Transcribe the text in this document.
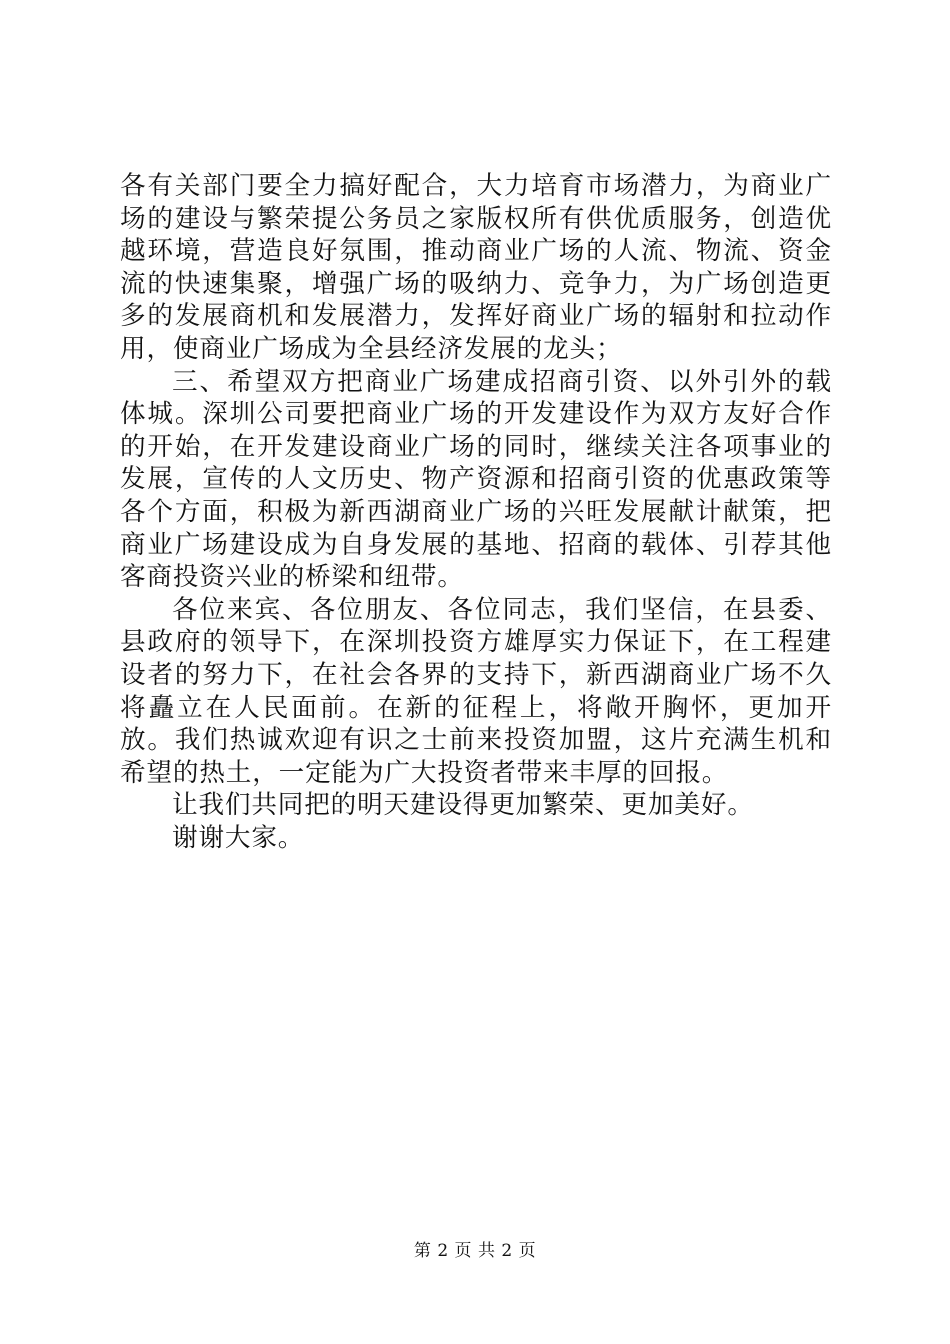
各有关部门要全力搞好配合，大力培育市场潜力，为商业广场的建设与繁荣提公务员之家版权所有供优质服务，创造优越环境，营造良好氛围，推动商业广场的人流、物流、资金流的快速集聚，增强广场的吸纳力、竞争力，为广场创造更多的发展商机和发展潜力，发挥好商业广场的辐射和拉动作用，使商业广场成为全县经济发展的龙头；

三、希望双方把商业广场建成招商引资、以外引外的载体城。深圳公司要把商业广场的开发建设作为双方友好合作的开始，在开发建设商业广场的同时，继续关注各项事业的发展，宣传的人文历史、物产资源和招商引资的优惠政策等各个方面，积极为新西湖商业广场的兴旺发展献计献策，把商业广场建设成为自身发展的基地、招商的载体、引荐其他客商投资兴业的桥梁和纽带。

各位来宾、各位朋友、各位同志，我们坚信，在县委、县政府的领导下，在深圳投资方雄厚实力保证下，在工程建设者的努力下，在社会各界的支持下，新西湖商业广场不久将矗立在人民面前。在新的征程上，将敞开胸怀，更加开放。我们热诚欢迎有识之士前来投资加盟，这片充满生机和希望的热土，一定能为广大投资者带来丰厚的回报。

让我们共同把的明天建设得更加繁荣、更加美好。

谢谢大家。

第 2 页 共 2 页
